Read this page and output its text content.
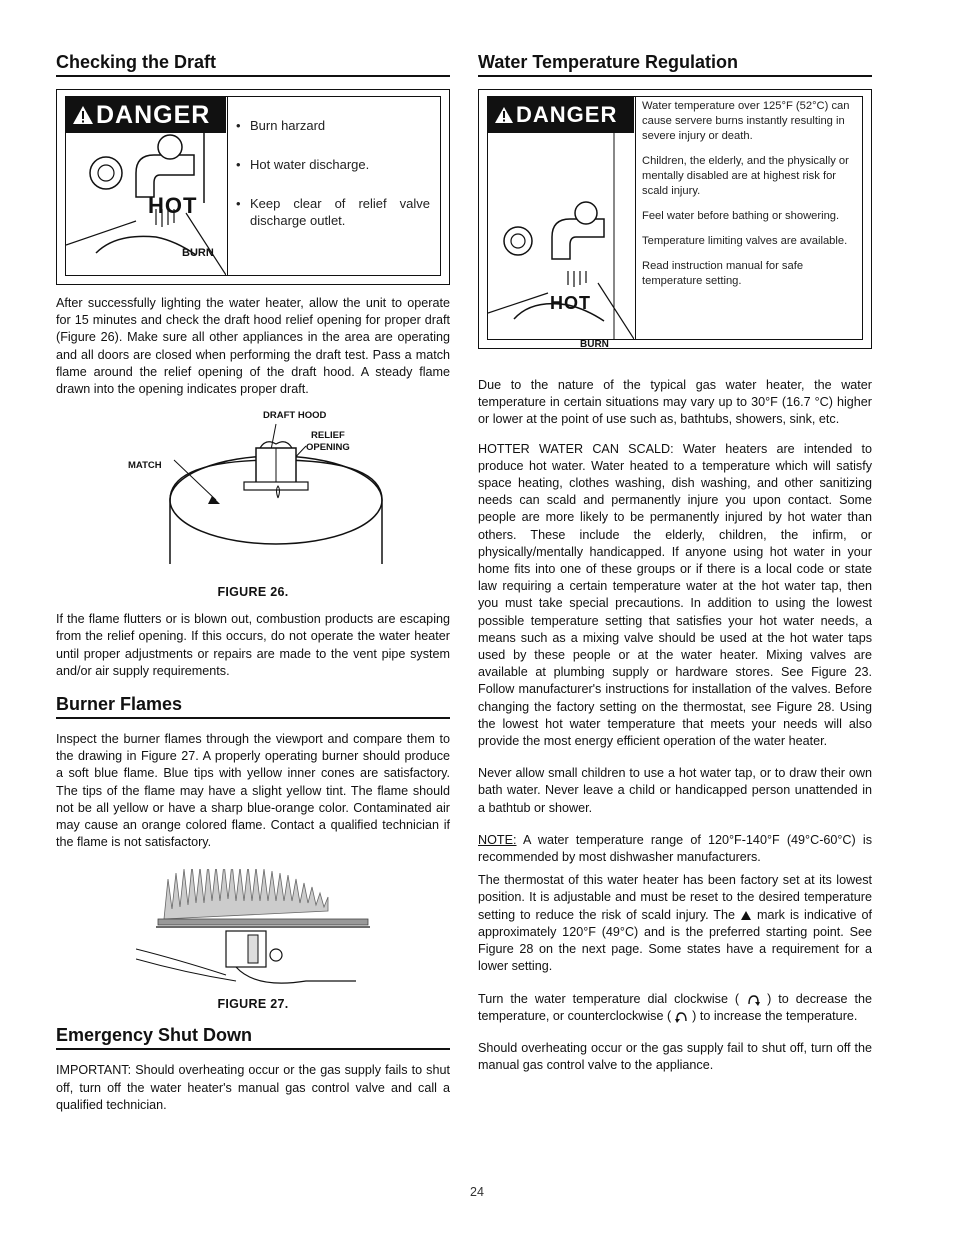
Checking the Draft
DANGER
HOT
BURN
• Burn harzard
• Hot water discharge.
• Keep clear of relief valve discharge outlet.

After successfully lighting the water heater, allow the unit to operate for 15 minutes and check the draft hood relief opening for proper draft (Figure 26). Make sure all other appliances in the area are operating and all doors are closed when performing the draft test. Pass a match flame around the relief opening of the draft hood. A steady flame drawn into the opening indicates proper draft.

DRAFT HOOD
RELIEF
OPENING
MATCH
FIGURE 26.

If the flame flutters or is blown out, combustion products are escaping from the relief opening. If this occurs, do not operate the water heater until proper adjustments or repairs are made to the vent pipe system and/or air supply requirements.

Burner Flames

Inspect the burner flames through the viewport and compare them to the drawing in Figure 27. A properly operating burner should produce a soft blue flame. Blue tips with yellow inner cones are satisfactory. The tips of the flame may have a slight yellow tint. The flame should not be all yellow or have a sharp blue-orange color. Contaminated air may cause an orange colored flame. Contact a qualified technician if the flame is not satisfactory.

FIGURE 27.
Emergency Shut Down

IMPORTANT: Should overheating occur or the gas supply fails to shut off, turn off the water heater's manual gas control valve and call a qualified technician.

Water Temperature Regulation
DANGER
HOT
BURN
Water temperature over 125°F (52°C) can cause servere burns instantly resulting in severe injury or death.
Children, the elderly, and the physically or mentally disabled are at highest risk for scald injury.
Feel water before bathing or showering.
Temperature limiting valves are available.
Read instruction manual for safe temperature setting.

Due to the nature of the typical gas water heater, the water temperature in certain situations may vary up to 30°F (16.7 °C) higher or lower at the point of use such as, bathtubs, showers, sink, etc.

HOTTER WATER CAN SCALD: Water heaters are intended to produce hot water. Water heated to a temperature which will satisfy space heating, clothes washing, dish washing, and other sanitizing needs can scald and permanently injure you upon contact. Some people are more likely to be permanently injured by hot water than others. These include the elderly, children, the infirm, or physically/mentally handicapped. If anyone using hot water in your home fits into one of these groups or if there is a local code or state law requiring a certain temperature water at the hot water tap, then you must take special precautions. In addition to using the lowest possible temperature setting that satisfies your hot water needs, a means such as a mixing valve should be used at the hot water taps used by these people or at the water heater. Mixing valves are available at plumbing supply or hardware stores. See Figure 23. Follow manufacturer's instructions for installation of the valves. Before changing the factory setting on the thermostat, see Figure 28. Using the lowest hot water temperature that meets your needs will also provide the most energy efficient operation of the water heater.

Never allow small children to use a hot water tap, or to draw their own bath water. Never leave a child or handicapped person unattended in a bathtub or shower.

NOTE: A water temperature range of 120°F-140°F (49°C-60°C) is recommended by most dishwasher manufacturers.

The thermostat of this water heater has been factory set at its lowest position. It is adjustable and must be reset to the desired temperature setting to reduce the risk of scald injury. The  mark is indicative of approximately 120°F (49°C) and is the preferred starting point. See Figure 28 on the next page. Some states have a requirement for a lower setting.

Turn the water temperature dial clockwise (  ) to decrease the temperature, or counterclockwise (  ) to increase the temperature.

Should overheating occur or the gas supply fail to shut off, turn off the manual gas control valve to the appliance.

24
